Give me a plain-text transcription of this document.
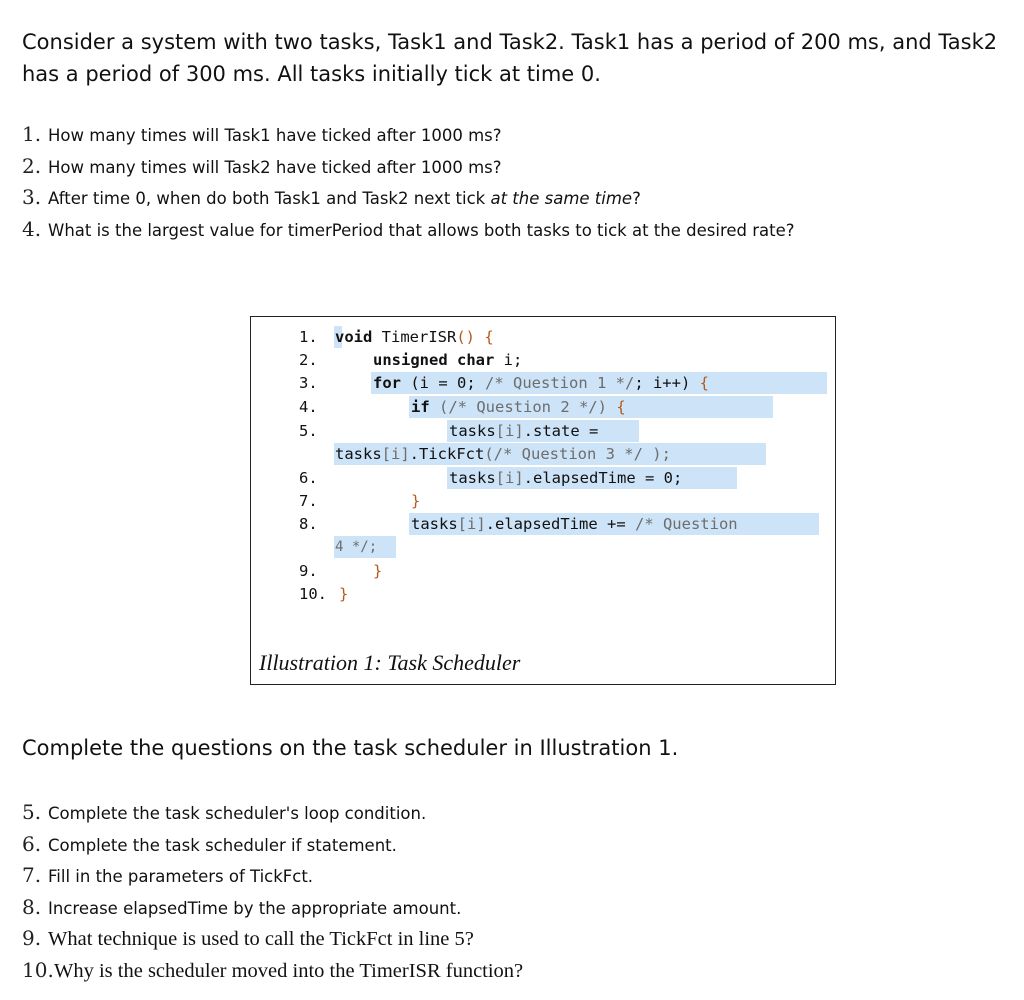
Consider a system with two tasks, Task1 and Task2. Task1 has a period of 200 ms, and Task2 has a period of 300 ms. All tasks initially tick at time 0.

1. How many times will Task1 have ticked after 1000 ms?
2. How many times will Task2 have ticked after 1000 ms?
3. After time 0, when do both Task1 and Task2 next tick at the same time?
4. What is the largest value for timerPeriod that allows both tasks to tick at the desired rate?
1. void TimerISR() {
2.	unsigned char i;
3.	for (i = 0; /* Question 1 */; i++) {
4.	if (/* Question 2 */) {
5.	tasks[i].state =
tasks[i].TickFct(/* Question 3 */ );
6.	tasks[i].elapsedTime = 0;
7.	}
8.	tasks[i].elapsedTime += /* Question
4 */;
9.	}
10. }
Illustration 1: Task Scheduler

Complete the questions on the task scheduler in Illustration 1.

5. Complete the task scheduler's loop condition.
6. Complete the task scheduler if statement.
7. Fill in the parameters of TickFct.
8. Increase elapsedTime by the appropriate amount.
9. What technique is used to call the TickFct in line 5?
10. Why is the scheduler moved into the TimerISR function?
